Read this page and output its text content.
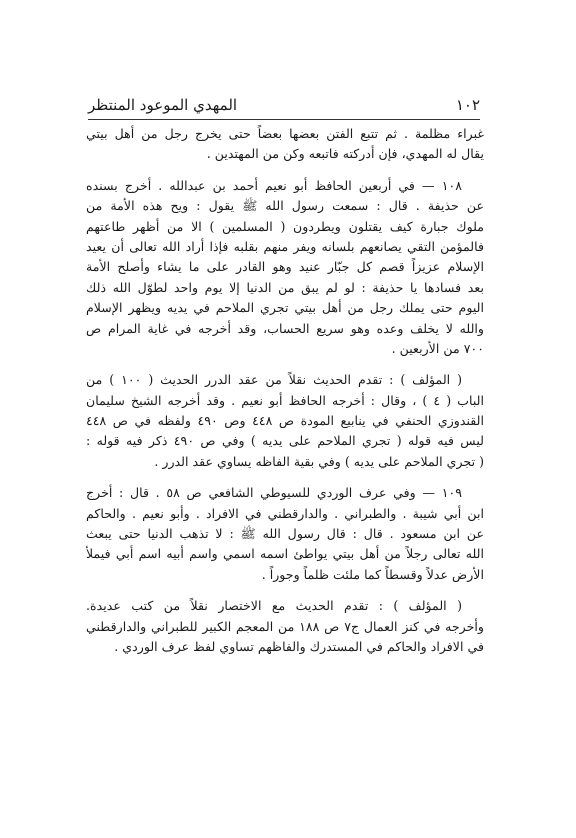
١٠٢
المهدي الموعود المنتظر
غبراء مظلمة . ثم تتبع الفتن بعضها بعضاً حتى يخرج رجل من أهل بيتي
يقال له المهدي، فإن أدركته فاتبعه وكن من المهتدين .
١٠٨ — في أربعين الحافظ أبو نعيم أحمد بن عبدالله . أخرج بسنده
عن حذيفة . قال : سمعت رسول الله ﷺ يقول : ويح هذه الأمة من
ملوك جبارة كيف يقتلون ويطردون ( المسلمين ) الا من أظهر طاعتهم
فالمؤمن التقي يصانعهم بلسانه ويفر منهم بقلبه فإذا أراد الله تعالى أن يعيد
الإسلام عزيزاً قصم كل جبّار عنيد وهو القادر على ما يشاء وأصلح الأمة
بعد فسادها يا حذيفة : لو لم يبق من الدنيا إلا يوم واحد لطوّل الله ذلك
اليوم حتى يملك رجل من أهل بيتي تجري الملاحم في يديه ويظهر الإسلام
والله لا يخلف وعده وهو سريع الحساب، وقد أخرجه في غاية المرام ص
٧٠٠ من الأربعين .
( المؤلف ) : تقدم الحديث نقلاً من عقد الدرر الحديث ( ١٠٠ ) من
الباب ( ٤ ) ، وقال : أخرجه الحافظ أبو نعيم . وقد أخرجه الشيخ سليمان
القندوزي الحنفي في ينابيع المودة ص ٤٤٨ وص ٤٩٠ ولفظه في ص ٤٤٨
ليس فيه قوله ( تجري الملاحم على يديه ) وفي ص ٤٩٠ ذكر فيه قوله :
( تجري الملاحم على يديه ) وفي بقية الفاظه يساوي عقد الدرر .
١٠٩ — وفي عرف الوردي للسيوطي الشافعي ص ٥٨ . قال : أخرج
ابن أبي شيبة . والطبراني . والدارقطني في الافراد . وأبو نعيم . والحاكم
عن ابن مسعود . قال : قال رسول الله ﷺ : لا تذهب الدنيا حتى يبعث
الله تعالى رجلاً من أهل بيتي يواطئ اسمه اسمي واسم أبيه اسم أبي فيملأ
الأرض عدلاً وقسطاً كما ملئت ظلماً وجوراً .
( المؤلف ) : تقدم الحديث مع الاختصار نقلاً من كتب عديدة.
وأخرجه في كنز العمال ج٧ ص ١٨٨ من المعجم الكبير للطبراني والدارقطني
في الافراد والحاكم في المستدرك والفاظهم تساوي لفظ عرف الوردي .
